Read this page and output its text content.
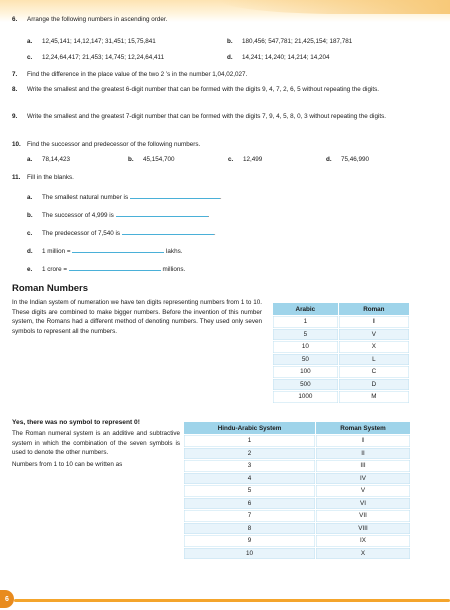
6. Arrange the following numbers in ascending order.
a. 12,45,141; 14,12,147; 31,451; 15,75,841	b. 180,456; 547,781; 21,425,154; 187,781
c. 12,24,64,417; 21,453; 14,745; 12,24,64,411	d. 14,241; 14,240; 14,214; 14,204
7. Find the difference in the place value of the two 2 ’s in the number 1,04,02,027.
8. Write the smallest and the greatest 6-digit number that can be formed with the digits 9, 4, 7, 2, 6, 5 without repeating the digits.
9. Write the smallest and the greatest 7-digit number that can be formed with the digits 7, 9, 4, 5, 8, 0, 3 without repeating the digits.
10. Find the successor and predecessor of the following numbers.
a. 78,14,423	b. 45,154,700	c. 12,499	d. 75,46,990
11. Fill in the blanks.
a. The smallest natural number is	.
b. The successor of 4,999 is	.
c. The predecessor of 7,540 is	.
d. 1 million =	lakhs.
e. 1 crore =	millions.
Roman Numbers
In the Indian system of numeration we have ten digits representing numbers from 1 to 10. These digits are combined to make bigger numbers. Before the invention of this number system, the Romans had a different method of denoting numbers. They used only seven symbols to represent all the numbers.
Arabic	Roman
1	I
5	V
10	X
50	L
100	C
500	D
1000	M
Yes, there was no symbol to represent 0!

The Roman numeral system is an additive and subtractive system in which the combination of the seven symbols is used to denote the other numbers.

Numbers from 1 to 10 can be written as

Hindu-Arabic System	Roman System
1	I
2	II
3	III
4	IV
5	V
6	VI
7	VII
8	VIII
9	IX
10	X
6
